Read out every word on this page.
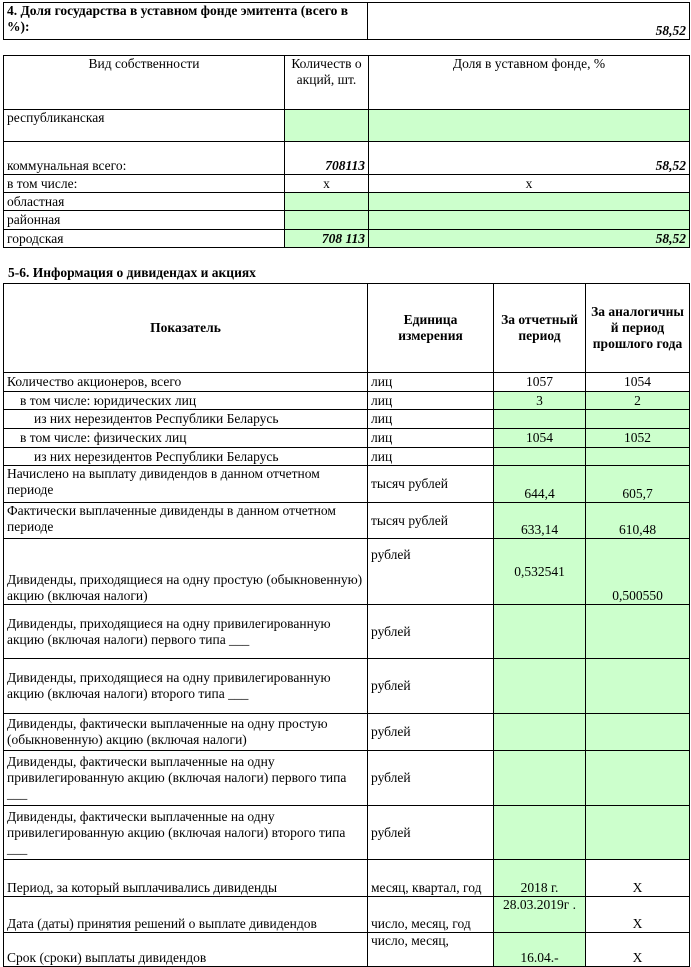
4. Доля государства в уставном фонде эмитента (всего в %):	58,52
Вид собственности	Количеств о акций, шт.	Доля в уставном фонде, %
республиканская		
коммунальная всего:	708113	58,52
в том числе:	х	х
областная		
районная		
городская	708 113	58,52
5-6. Информация о дивидендах и акциях
Показатель	Единица измерения	За отчетный период	За аналогичны й период прошлого года
Количество акционеров, всего	лиц	1057	1054
в том числе: юридических лиц	лиц	3	2
из них нерезидентов Республики Беларусь	лиц		
в том числе: физических лиц	лиц	1054	1052
из них нерезидентов Республики Беларусь	лиц		
Начислено на выплату дивидендов в данном отчетном периоде	тысяч рублей	644,4	605,7
Фактически выплаченные дивиденды в данном отчетном периоде	тысяч рублей	633,14	610,48
Дивиденды, приходящиеся на одну простую (обыкновенную) акцию (включая налоги)	рублей	0,532541	0,500550
Дивиденды, приходящиеся на одну привилегированную акцию (включая налоги) первого типа ___	рублей		
Дивиденды, приходящиеся на одну привилегированную акцию (включая налоги) второго типа ___	рублей		
Дивиденды, фактически выплаченные на одну простую (обыкновенную) акцию (включая налоги)	рублей		
Дивиденды, фактически выплаченные на одну привилегированную акцию (включая налоги) первого типа ___	рублей		
Дивиденды, фактически выплаченные на одну привилегированную акцию (включая налоги) второго типа ___	рублей		
Период, за который выплачивались дивиденды	месяц, квартал, год	2018 г.	Х
Дата (даты) принятия решений о выплате дивидендов	число, месяц, год	28.03.2019г .	Х
Срок (сроки) выплаты дивидендов	число, месяц,	16.04.-	Х
